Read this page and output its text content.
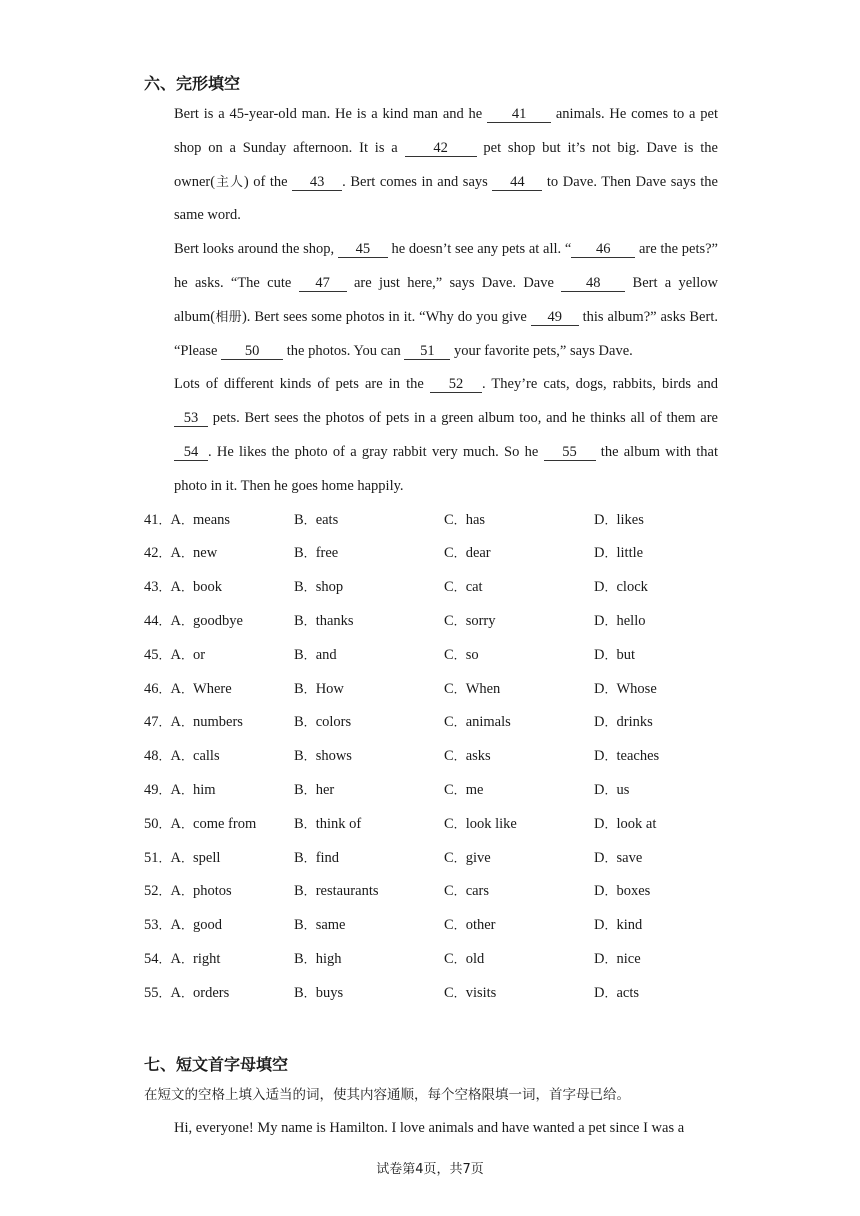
六、完形填空
Bert is a 45-year-old man. He is a kind man and he 41 animals. He comes to a pet shop on a Sunday afternoon. It is a 42 pet shop but it’s not big. Dave is the owner(主人) of the 43 . Bert comes in and says 44 to Dave. Then Dave says the same word.
Bert looks around the shop, 45 he doesn’t see any pets at all. “ 46 are the pets?” he asks. “The cute 47 are just here,” says Dave. Dave 48 Bert a yellow album(相册). Bert sees some photos in it. “Why do you give 49 this album?” asks Bert. “Please 50 the photos. You can 51 your favorite pets,” says Dave.
Lots of different kinds of pets are in the 52 . They’re cats, dogs, rabbits, birds and 53 pets. Bert sees the photos of pets in a green album too, and he thinks all of them are 54 . He likes the photo of a gray rabbit very much. So he 55 the album with that photo in it. Then he goes home happily.
41．A．means	B．eats	C．has	D．likes
42．A．new	B．free	C．dear	D．little
43．A．book	B．shop	C．cat	D．clock
44．A．goodbye	B．thanks	C．sorry	D．hello
45．A．or	B．and	C．so	D．but
46．A．Where	B．How	C．When	D．Whose
47．A．numbers	B．colors	C．animals	D．drinks
48．A．calls	B．shows	C．asks	D．teaches
49．A．him	B．her	C．me	D．us
50．A．come from	B．think of	C．look like	D．look at
51．A．spell	B．find	C．give	D．save
52．A．photos	B．restaurants	C．cars	D．boxes
53．A．good	B．same	C．other	D．kind
54．A．right	B．high	C．old	D．nice
55．A．orders	B．buys	C．visits	D．acts
七、短文首字母填空
在短文的空格上填入适当的词，使其内容通顺，每个空格限填一词，首字母已给。
Hi, everyone! My name is Hamilton. I love animals and have wanted a pet since I was a
试卷第4页，共7页
